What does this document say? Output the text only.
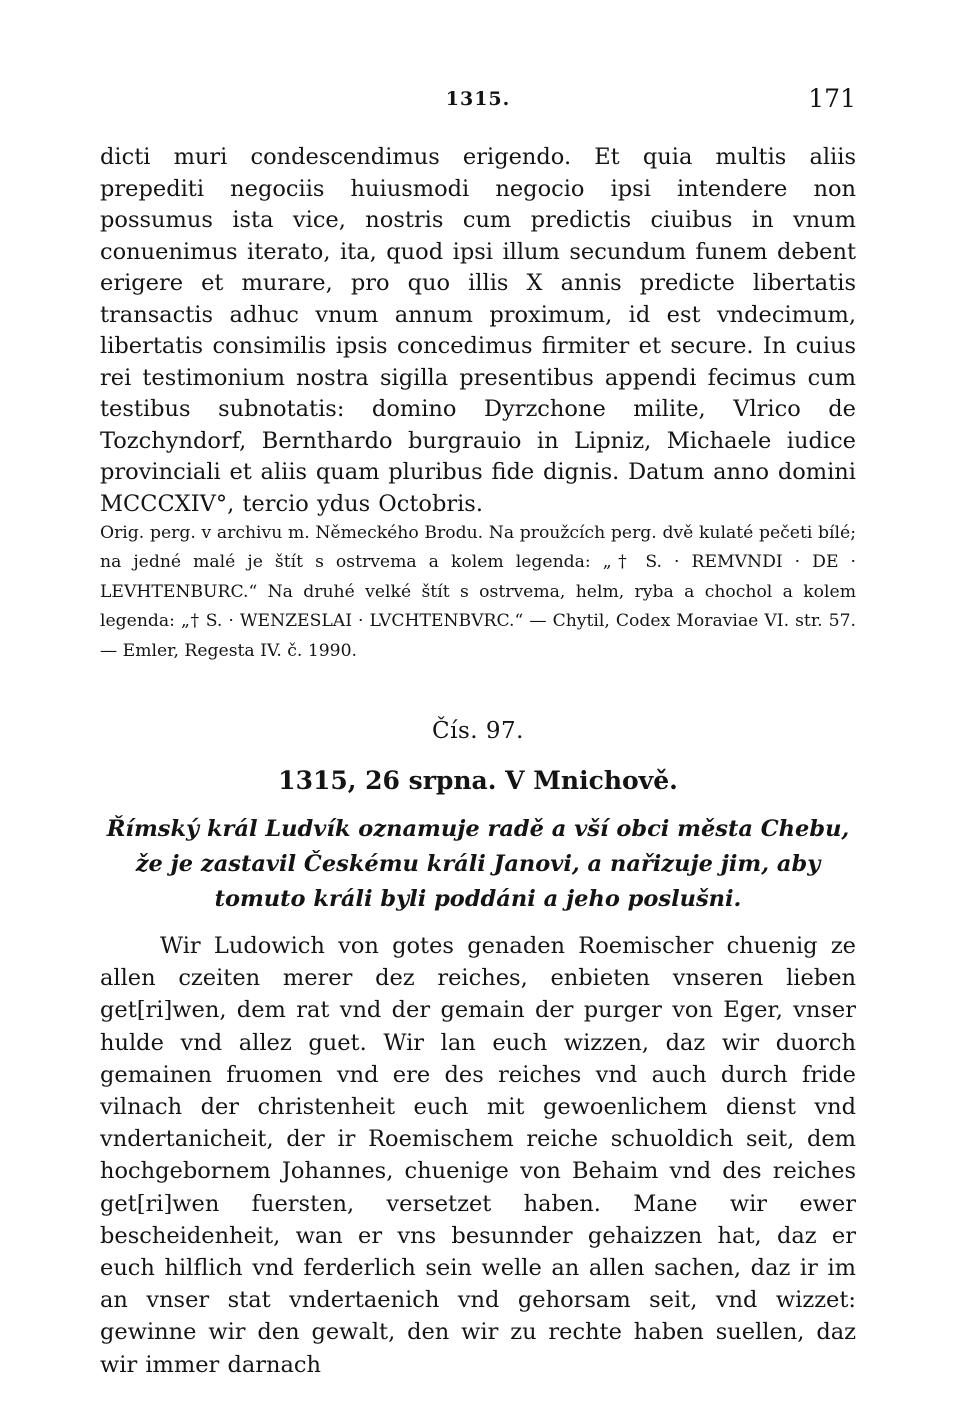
1315.	171

dicti muri condescendimus erigendo. Et quia multis aliis prepediti negociis huiusmodi negocio ipsi intendere non possumus ista vice, nostris cum predictis ciuibus in vnum conuenimus iterato, ita, quod ipsi illum secundum funem debent erigere et murare, pro quo illis X annis predicte libertatis transactis adhuc vnum annum proximum, id est vndecimum, libertatis consimilis ipsis concedimus firmiter et secure. In cuius rei testimonium nostra sigilla presentibus appendi fecimus cum testibus subnotatis: domino Dyrzchone milite, Vlrico de Tozchyndorf, Bernthardo burgrauio in Lipniz, Michaele iudice provinciali et aliis quam pluribus fide dignis. Datum anno domini MCCCXIV°, tercio ydus Octobris.

Orig. perg. v archivu m. Německého Brodu. Na proužcích perg. dvě kulaté pečeti bílé; na jedné malé je štít s ostrvema a kolem legenda: „† S. · REMVNDI · DE · LEVHTENBURC.“ Na druhé velké štít s ostrvema, helm, ryba a chochol a kolem legenda: „† S. · WENZESLAI · LVCHTENBVRC.“ — Chytil, Codex Moraviae VI. str. 57. — Emler, Regesta IV. č. 1990.

Čís. 97.
1315, 26 srpna. V Mnichově.

Římský král Ludvík oznamuje radě a vší obci města Chebu, že je zastavil Českému králi Janovi, a nařizuje jim, aby tomuto králi byli poddáni a jeho poslušni.

Wir Ludowich von gotes genaden Roemischer chuenig ze allen czeiten merer dez reiches, enbieten vnseren lieben get[ri]wen, dem rat vnd der gemain der purger von Eger, vnser hulde vnd allez guet. Wir lan euch wizzen, daz wir duorch gemainen fruomen vnd ere des reiches vnd auch durch fride vilnach der christenheit euch mit gewoenlichem dienst vnd vndertanicheit, der ir Roemischem reiche schuoldich seit, dem hochgebornem Johannes, chuenige von Behaim vnd des reiches get[ri]wen fuersten, versetzet haben. Mane wir ewer bescheidenheit, wan er vns besunnder gehaizzen hat, daz er euch hilflich vnd ferderlich sein welle an allen sachen, daz ir im an vnser stat vndertaenich vnd gehorsam seit, vnd wizzet: gewinne wir den gewalt, den wir zu rechte haben suellen, daz wir immer darnach
